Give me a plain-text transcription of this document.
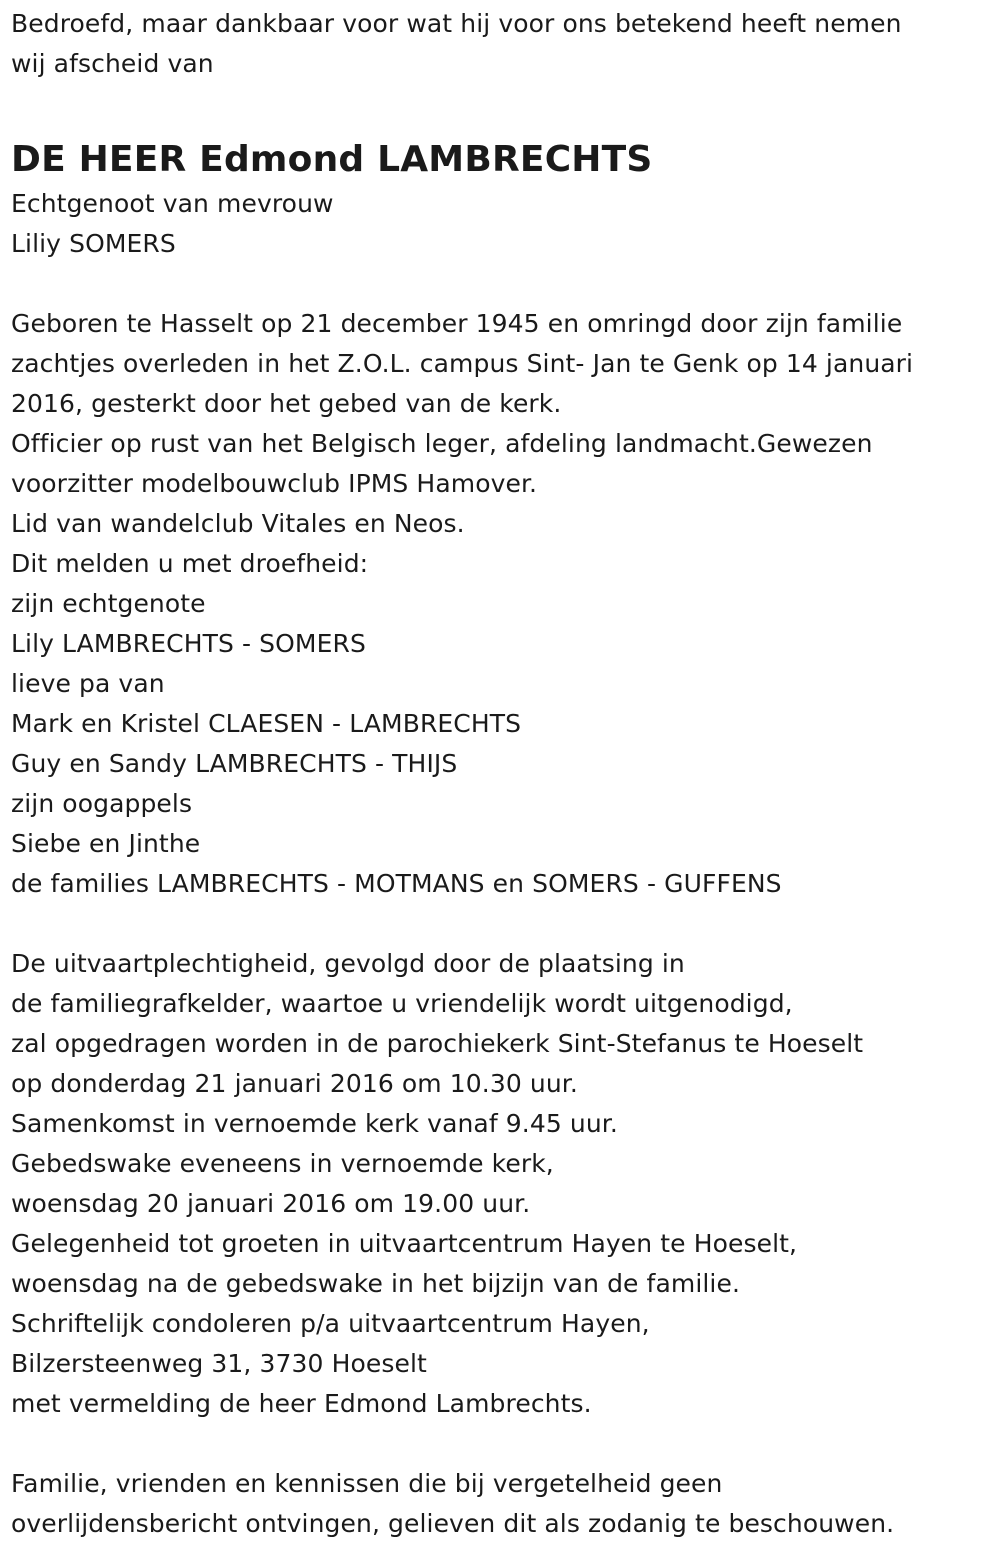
Bedroefd, maar dankbaar voor wat hij voor ons betekend heeft nemen
wij afscheid van
DE HEER Edmond LAMBRECHTS
Echtgenoot van mevrouw
Liliy SOMERS
Geboren te Hasselt op 21 december 1945 en omringd door zijn familie
zachtjes overleden in het Z.O.L. campus Sint- Jan te Genk op 14 januari
2016, gesterkt door het gebed van de kerk.
Officier op rust van het Belgisch leger, afdeling landmacht.Gewezen
voorzitter modelbouwclub IPMS Hamover.
Lid van wandelclub Vitales en Neos.
Dit melden u met droefheid:
zijn echtgenote
Lily LAMBRECHTS - SOMERS
lieve pa van
Mark en Kristel CLAESEN - LAMBRECHTS
Guy en Sandy LAMBRECHTS - THIJS
zijn oogappels
Siebe en Jinthe
de families LAMBRECHTS - MOTMANS en SOMERS - GUFFENS
De uitvaartplechtigheid, gevolgd door de plaatsing in
de familiegrafkelder, waartoe u vriendelijk wordt uitgenodigd,
zal opgedragen worden in de parochiekerk Sint-Stefanus te Hoeselt
op donderdag 21 januari 2016 om 10.30 uur.
Samenkomst in vernoemde kerk vanaf 9.45 uur.
Gebedswake eveneens in vernoemde kerk,
woensdag 20 januari 2016 om 19.00 uur.
Gelegenheid tot groeten in uitvaartcentrum Hayen te Hoeselt,
woensdag na de gebedswake in het bijzijn van de familie.
Schriftelijk condoleren p/a uitvaartcentrum Hayen,
Bilzersteenweg 31, 3730 Hoeselt
met vermelding de heer Edmond Lambrechts.
Familie, vrienden en kennissen die bij vergetelheid geen
overlijdensbericht ontvingen, gelieven dit als zodanig te beschouwen.
